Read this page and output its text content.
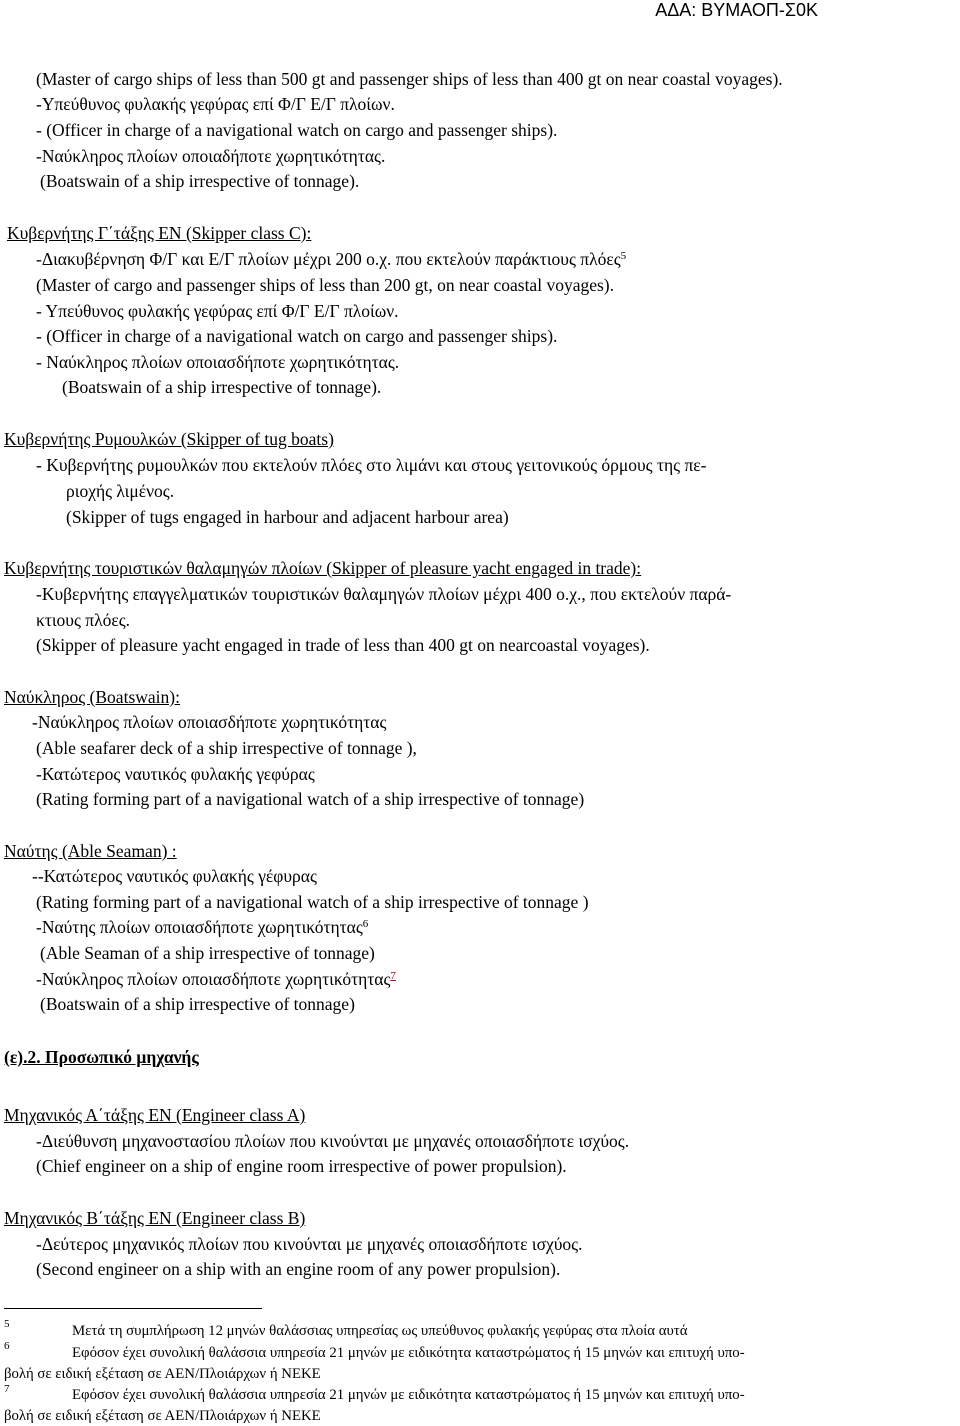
ΑΔΑ: ΒΥΜΑΟΠ-Σ0Κ
(Master of cargo ships of less than 500 gt and passenger ships of less than 400 gt on near coastal voyages).
-Υπεύθυνος φυλακής γεφύρας επί Φ/Γ Ε/Γ πλοίων.
- (Officer in charge of a navigational watch on cargo and passenger ships).
-Ναύκληρος πλοίων οποιαδήποτε χωρητικότητας.
(Boatswain of a ship irrespective of tonnage).
Κυβερνήτης Γ΄τάξης ΕΝ (Skipper class C):
-Διακυβέρνηση Φ/Γ και Ε/Γ πλοίων μέχρι 200 ο.χ. που εκτελούν παράκτιους πλόες$^5$
(Master of cargo and passenger ships of less than 200 gt, on near coastal voyages).
- Υπεύθυνος φυλακής γεφύρας επί Φ/Γ Ε/Γ πλοίων.
- (Officer in charge of a navigational watch on cargo and passenger ships).
- Ναύκληρος πλοίων οποιασδήποτε χωρητικότητας.
(Boatswain of a ship irrespective of tonnage).
Κυβερνήτης Ρυμουλκών (Skipper of tug boats)
- Κυβερνήτης ρυμουλκών που εκτελούν πλόες στο λιμάνι και στους γειτονικούς όρμους της πε-
ριοχής λιμένος.
(Skipper of tugs engaged in harbour and adjacent harbour area)
Κυβερνήτης τουριστικών θαλαμηγών πλοίων (Skipper of pleasure yacht engaged in trade):
-Κυβερνήτης επαγγελματικών τουριστικών θαλαμηγών πλοίων μέχρι 400 ο.χ., που εκτελούν παρά-
κτιους πλόες.
(Skipper of pleasure yacht engaged in trade of less than 400 gt on nearcoastal voyages).
Ναύκληρος (Boatswain):
-Ναύκληρος πλοίων οποιασδήποτε χωρητικότητας
(Able seafarer deck of a ship irrespective of tonnage ),
-Κατώτερος ναυτικός φυλακής γεφύρας
(Rating forming part of a navigational watch of a ship irrespective of tonnage)
Ναύτης (Able Seaman) :
--Κατώτερος ναυτικός φυλακής γέφυρας
(Rating forming part of a navigational watch of a ship irrespective of tonnage )
-Ναύτης πλοίων οποιασδήποτε χωρητικότητας$^6$
(Able Seaman of a ship irrespective of tonnage)
-Ναύκληρος πλοίων οποιασδήποτε χωρητικότητας$^7$
(Boatswain of a ship irrespective of tonnage)
(ε).2. Προσωπικό μηχανής
Μηχανικός Α΄τάξης ΕΝ (Engineer class A)
-Διεύθυνση μηχανοστασίου πλοίων που κινούνται με μηχανές οποιασδήποτε ισχύος.
(Chief engineer on a ship of engine room irrespective of power propulsion).
Μηχανικός Β΄τάξης ΕΝ (Engineer class B)
-Δεύτερος μηχανικός πλοίων που κινούνται με μηχανές οποιασδήποτε ισχύος.
(Second engineer on a ship with an engine room of any power propulsion).
5	Μετά τη συμπλήρωση 12 μηνών θαλάσσιας υπηρεσίας ως υπεύθυνος φυλακής γεφύρας στα πλοία αυτά
6	Εφόσον έχει συνολική θαλάσσια υπηρεσία 21 μηνών με ειδικότητα καταστρώματος ή 15 μηνών και επιτυχή υπο-
βολή σε ειδική εξέταση σε ΑΕΝ/Πλοιάρχων ή ΝΕΚΕ
7	Εφόσον έχει συνολική θαλάσσια υπηρεσία 21 μηνών με ειδικότητα καταστρώματος ή 15 μηνών και επιτυχή υπο-
βολή σε ειδική εξέταση σε ΑΕΝ/Πλοιάρχων ή ΝΕΚΕ
